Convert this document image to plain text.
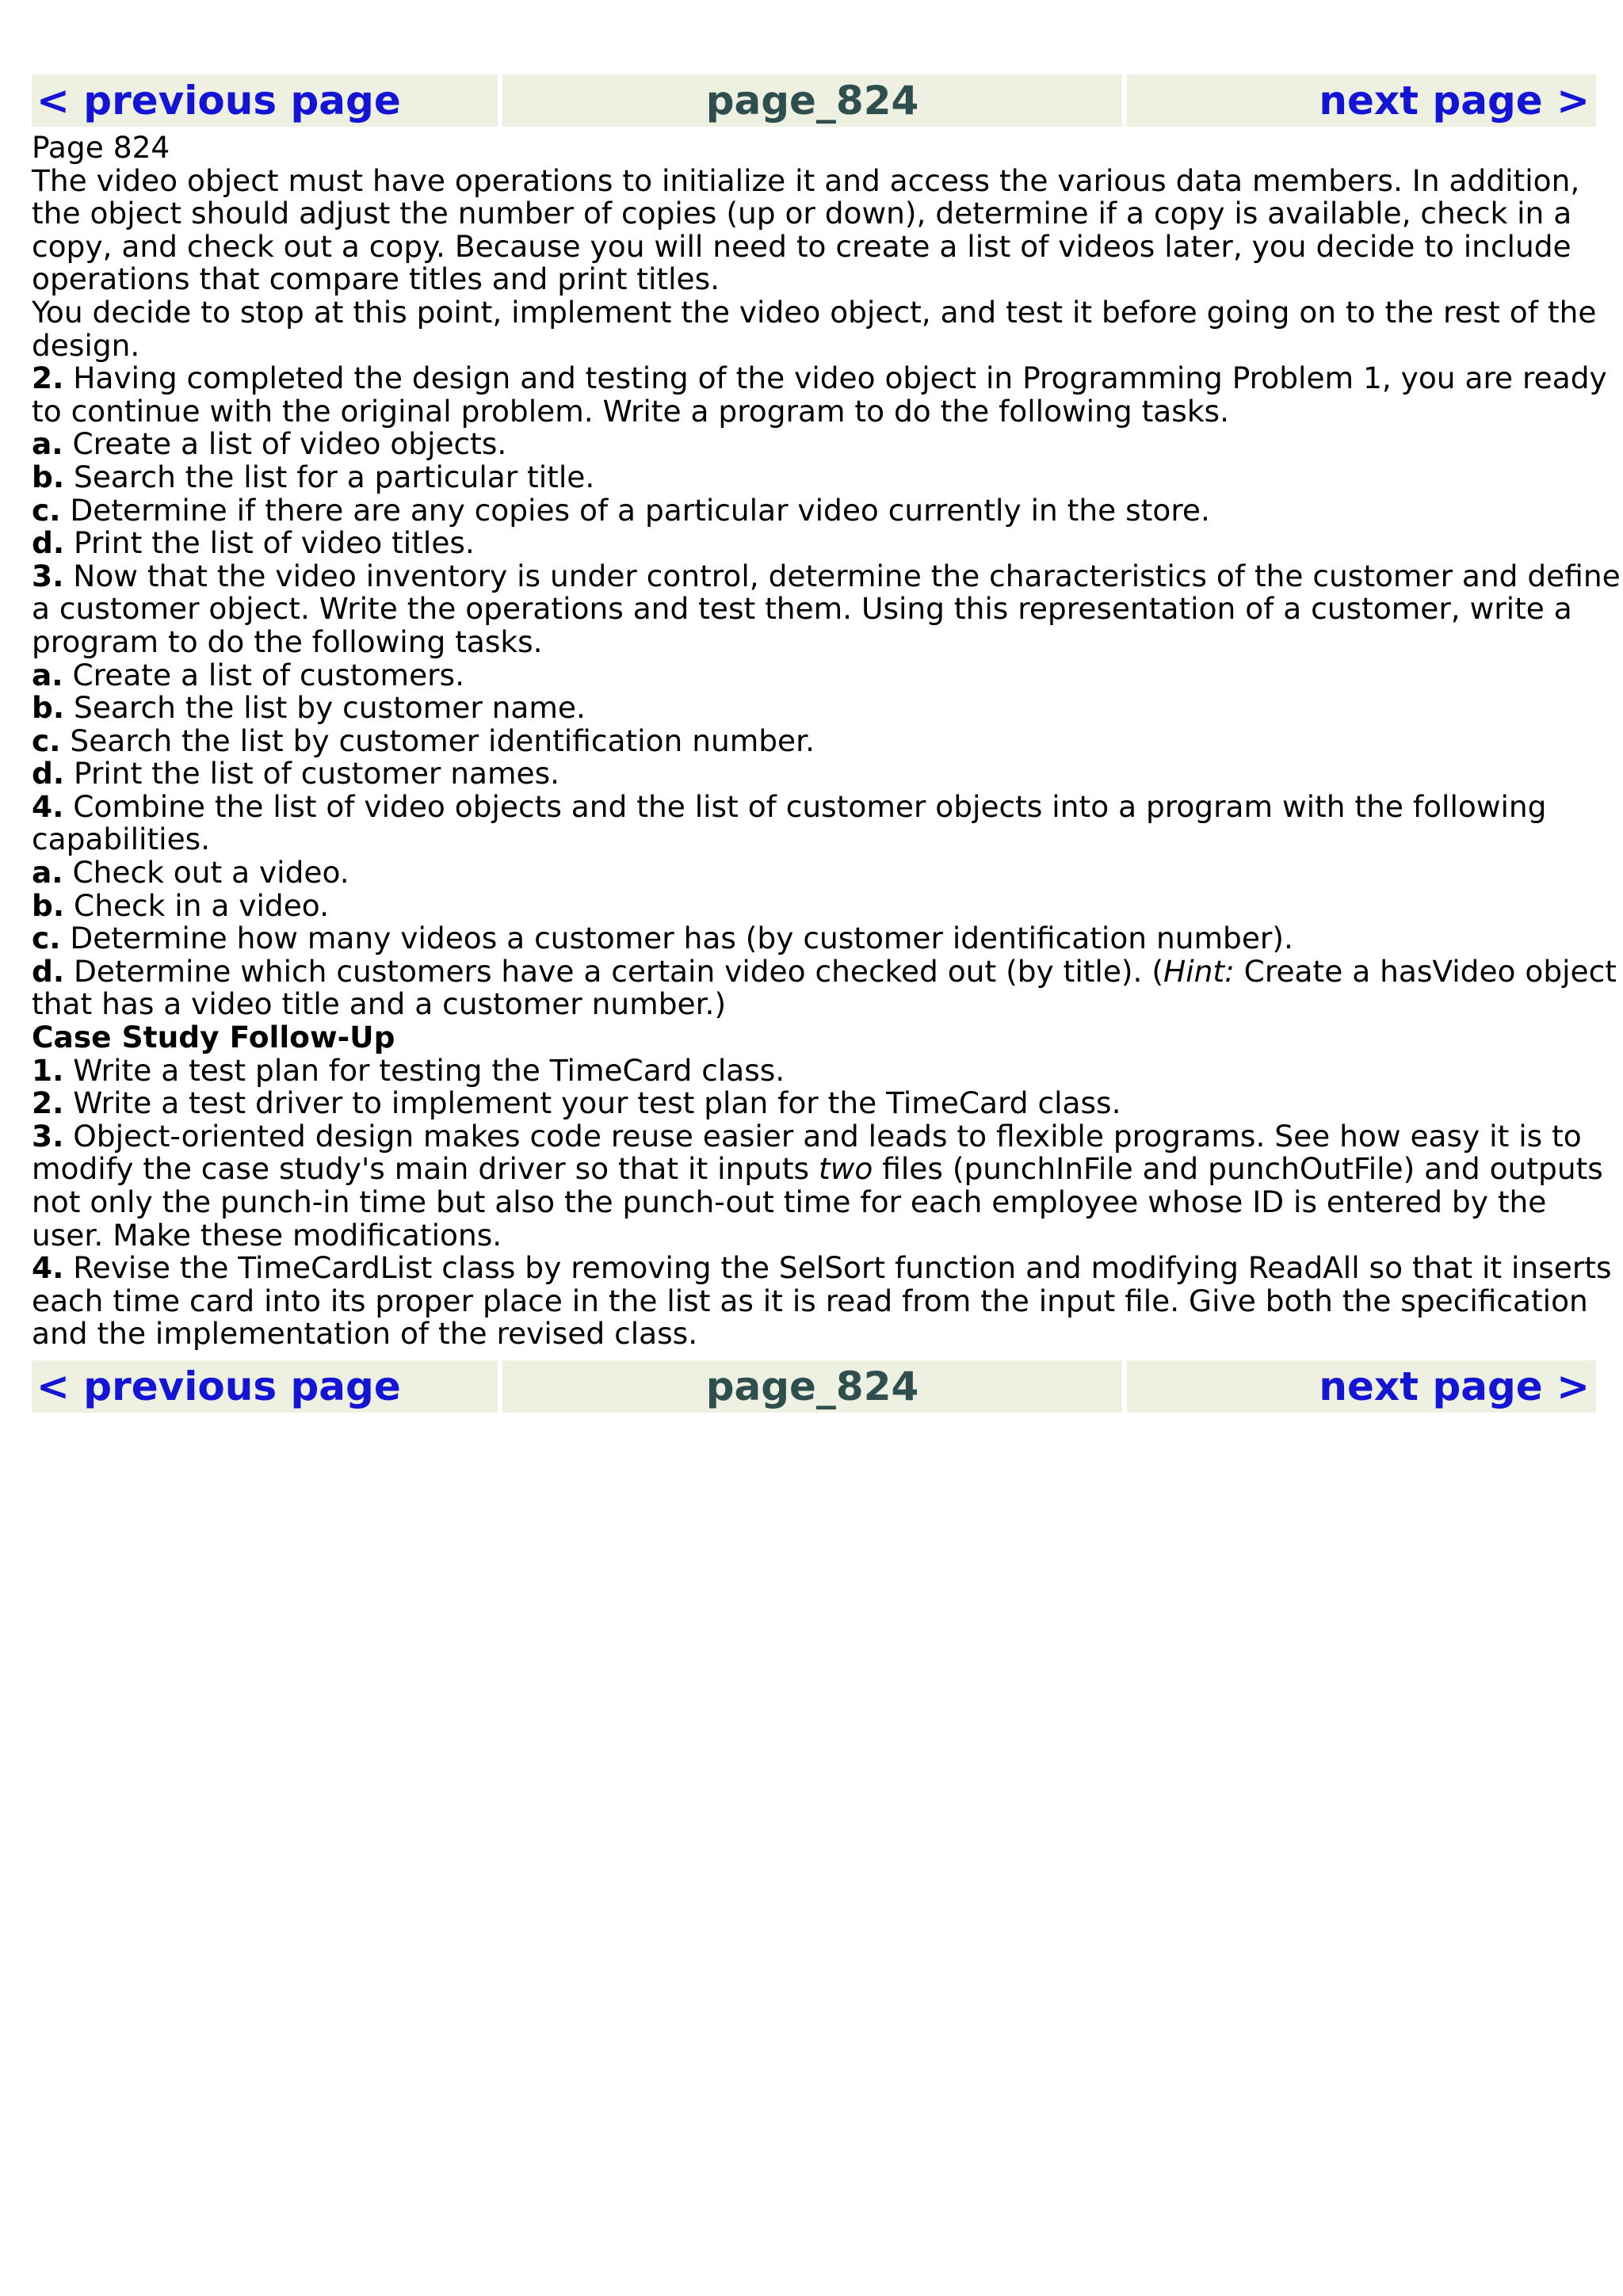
< previous page	page_824	next page >
Page 824
The video object must have operations to initialize it and access the various data members. In addition,
the object should adjust the number of copies (up or down), determine if a copy is available, check in a
copy, and check out a copy. Because you will need to create a list of videos later, you decide to include
operations that compare titles and print titles.
You decide to stop at this point, implement the video object, and test it before going on to the rest of the
design.
2. Having completed the design and testing of the video object in Programming Problem 1, you are ready
to continue with the original problem. Write a program to do the following tasks.
a. Create a list of video objects.
b. Search the list for a particular title.
c. Determine if there are any copies of a particular video currently in the store.
d. Print the list of video titles.
3. Now that the video inventory is under control, determine the characteristics of the customer and define
a customer object. Write the operations and test them. Using this representation of a customer, write a
program to do the following tasks.
a. Create a list of customers.
b. Search the list by customer name.
c. Search the list by customer identification number.
d. Print the list of customer names.
4. Combine the list of video objects and the list of customer objects into a program with the following
capabilities.
a. Check out a video.
b. Check in a video.
c. Determine how many videos a customer has (by customer identification number).
d. Determine which customers have a certain video checked out (by title). (Hint: Create a hasVideo object
that has a video title and a customer number.)
Case Study Follow-Up
1. Write a test plan for testing the TimeCard class.
2. Write a test driver to implement your test plan for the TimeCard class.
3. Object-oriented design makes code reuse easier and leads to flexible programs. See how easy it is to
modify the case study's main driver so that it inputs two files (punchInFile and punchOutFile) and outputs
not only the punch-in time but also the punch-out time for each employee whose ID is entered by the
user. Make these modifications.
4. Revise the TimeCardList class by removing the SelSort function and modifying ReadAll so that it inserts
each time card into its proper place in the list as it is read from the input file. Give both the specification
and the implementation of the revised class.
< previous page	page_824	next page >
